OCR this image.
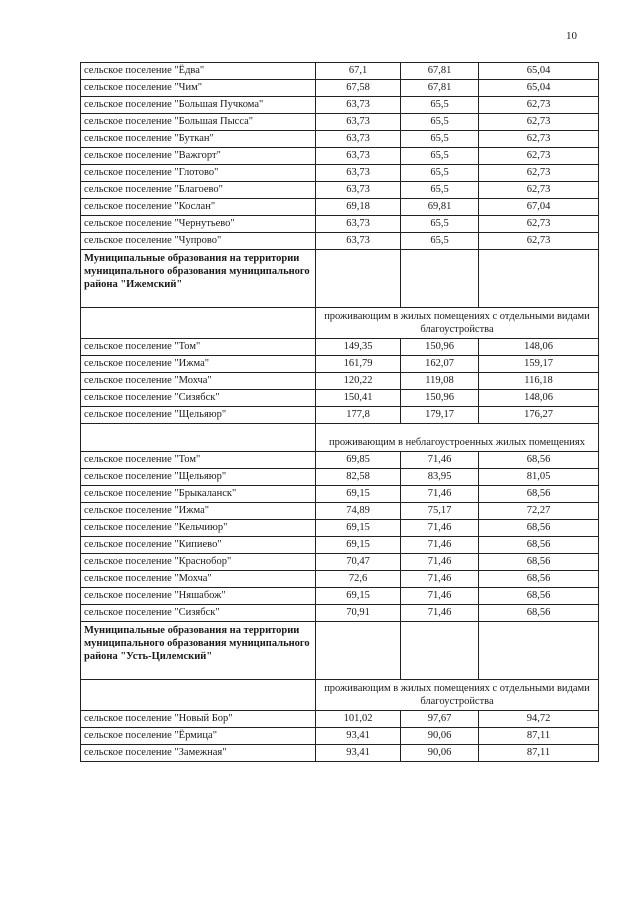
10
сельское поселение "Ёдва"	67,1	67,81	65,04
сельское поселение "Чим"	67,58	67,81	65,04
сельское поселение "Большая Пучкома"	63,73	65,5	62,73
сельское поселение "Большая Пысса"	63,73	65,5	62,73
сельское поселение "Буткан"	63,73	65,5	62,73
сельское поселение "Важгорт"	63,73	65,5	62,73
сельское поселение "Глотово"	63,73	65,5	62,73
сельское поселение "Благоево"	63,73	65,5	62,73
сельское поселение "Кослан"	69,18	69,81	67,04
сельское поселение "Чернутьево"	63,73	65,5	62,73
сельское поселение "Чупрово"	63,73	65,5	62,73
Муниципальные образования на территории муниципального образования муниципального района "Ижемский"			
	проживающим в жилых помещениях с отдельными видами благоустройства		
сельское поселение "Том"	149,35	150,96	148,06
сельское поселение "Ижма"	161,79	162,07	159,17
сельское поселение "Мохча"	120,22	119,08	116,18
сельское поселение "Сизябск"	150,41	150,96	148,06
сельское поселение "Щельяюр"	177,8	179,17	176,27
	проживающим в неблагоустроенных жилых помещениях		
сельское поселение "Том"	69,85	71,46	68,56
сельское поселение "Щельяюр"	82,58	83,95	81,05
сельское поселение "Брыкаланск"	69,15	71,46	68,56
сельское поселение "Ижма"	74,89	75,17	72,27
сельское поселение "Кельчиюр"	69,15	71,46	68,56
сельское поселение "Кипиево"	69,15	71,46	68,56
сельское поселение "Краснобор"	70,47	71,46	68,56
сельское поселение "Мохча"	72,6	71,46	68,56
сельское поселение "Няшабож"	69,15	71,46	68,56
сельское поселение "Сизябск"	70,91	71,46	68,56
Муниципальные образования на территории муниципального образования муниципального района "Усть-Цилемский"			
	проживающим в жилых помещениях с отдельными видами благоустройства		
сельское поселение "Новый Бор"	101,02	97,67	94,72
сельское поселение "Ёрмица"	93,41	90,06	87,11
сельское поселение "Замежная"	93,41	90,06	87,11
